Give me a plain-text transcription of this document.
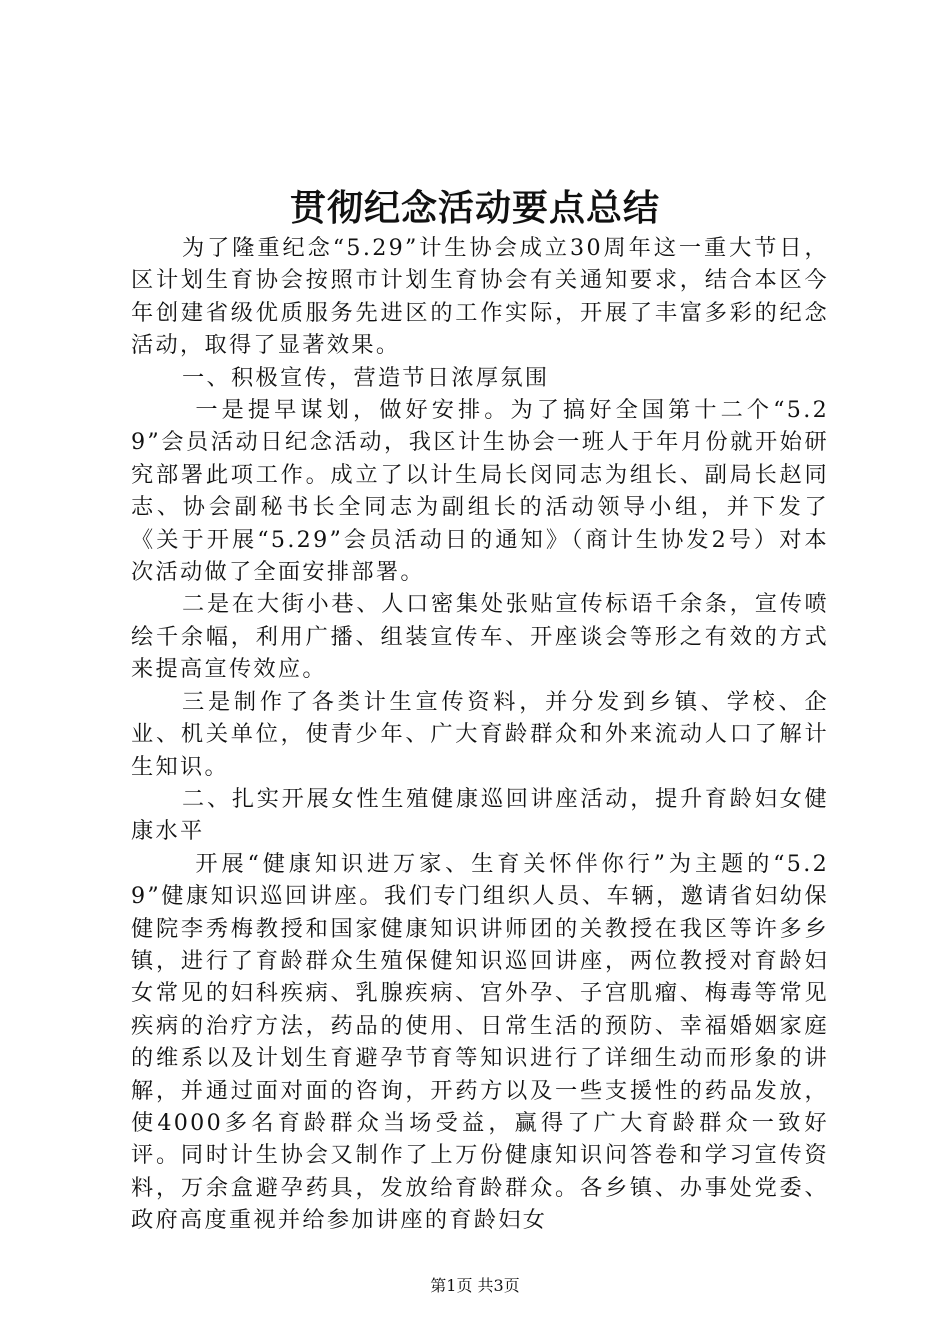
贯彻纪念活动要点总结

为了隆重纪念“5.29”计生协会成立30周年这一重大节日，区计划生育协会按照市计划生育协会有关通知要求，结合本区今年创建省级优质服务先进区的工作实际，开展了丰富多彩的纪念活动，取得了显著效果。

一、积极宣传，营造节日浓厚氛围

一是提早谋划，做好安排。为了搞好全国第十二个“5.29”会员活动日纪念活动，我区计生协会一班人于年月份就开始研究部署此项工作。成立了以计生局长闵同志为组长、副局长赵同志、协会副秘书长全同志为副组长的活动领导小组，并下发了《关于开展“5.29”会员活动日的通知》（商计生协发2号）对本次活动做了全面安排部署。

二是在大街小巷、人口密集处张贴宣传标语千余条，宣传喷绘千余幅，利用广播、组装宣传车、开座谈会等形之有效的方式来提高宣传效应。

三是制作了各类计生宣传资料，并分发到乡镇、学校、企业、机关单位，使青少年、广大育龄群众和外来流动人口了解计生知识。

二、扎实开展女性生殖健康巡回讲座活动，提升育龄妇女健康水平

开展“健康知识进万家、生育关怀伴你行”为主题的“5.29”健康知识巡回讲座。我们专门组织人员、车辆，邀请省妇幼保健院李秀梅教授和国家健康知识讲师团的关教授在我区等许多乡镇，进行了育龄群众生殖保健知识巡回讲座，两位教授对育龄妇女常见的妇科疾病、乳腺疾病、宫外孕、子宫肌瘤、梅毒等常见疾病的治疗方法，药品的使用、日常生活的预防、幸福婚姻家庭的维系以及计划生育避孕节育等知识进行了详细生动而形象的讲解，并通过面对面的咨询，开药方以及一些支援性的药品发放，使4000多名育龄群众当场受益，赢得了广大育龄群众一致好评。同时计生协会又制作了上万份健康知识问答卷和学习宣传资料，万余盒避孕药具，发放给育龄群众。各乡镇、办事处党委、政府高度重视并给参加讲座的育龄妇女

第1页 共3页
